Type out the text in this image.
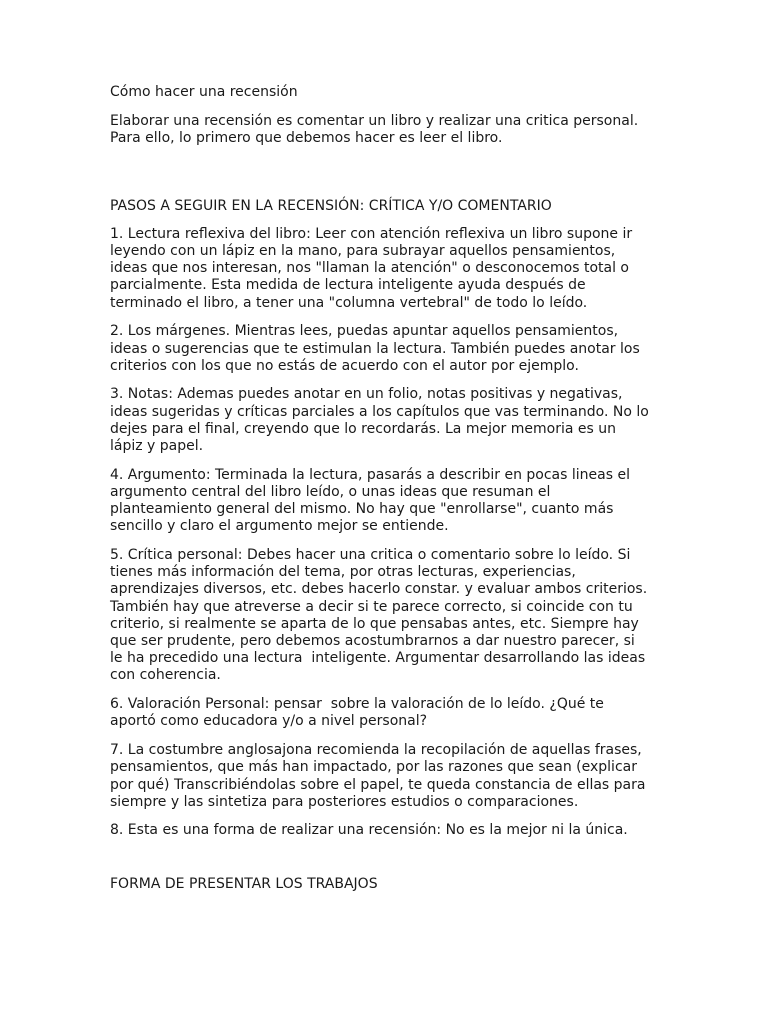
Cómo hacer una recensión

Elaborar una recensión es comentar un libro y realizar una critica personal.
Para ello, lo primero que debemos hacer es leer el libro.

PASOS A SEGUIR EN LA RECENSIÓN: CRÍTICA Y/O COMENTARIO

1. Lectura reflexiva del libro: Leer con atención reflexiva un libro supone ir
leyendo con un lápiz en la mano, para subrayar aquellos pensamientos,
ideas que nos interesan, nos "llaman la atención" o desconocemos total o
parcialmente. Esta medida de lectura inteligente ayuda después de
terminado el libro, a tener una "columna vertebral" de todo lo leído.

2. Los márgenes. Mientras lees, puedas apuntar aquellos pensamientos,
ideas o sugerencias que te estimulan la lectura. También puedes anotar los
criterios con los que no estás de acuerdo con el autor por ejemplo.

3. Notas: Ademas puedes anotar en un folio, notas positivas y negativas,
ideas sugeridas y críticas parciales a los capítulos que vas terminando. No lo
dejes para el final, creyendo que lo recordarás. La mejor memoria es un
lápiz y papel.

4. Argumento: Terminada la lectura, pasarás a describir en pocas lineas el
argumento central del libro leído, o unas ideas que resuman el
planteamiento general del mismo. No hay que "enrollarse", cuanto más
sencillo y claro el argumento mejor se entiende.

5. Crítica personal: Debes hacer una critica o comentario sobre lo leído. Si
tienes más información del tema, por otras lecturas, experiencias,
aprendizajes diversos, etc. debes hacerlo constar. y evaluar ambos criterios.
También hay que atreverse a decir si te parece correcto, si coincide con tu
criterio, si realmente se aparta de lo que pensabas antes, etc. Siempre hay
que ser prudente, pero debemos acostumbrarnos a dar nuestro parecer, si
le ha precedido una lectura  inteligente. Argumentar desarrollando las ideas
con coherencia.

6. Valoración Personal: pensar  sobre la valoración de lo leído. ¿Qué te
aportó como educadora y/o a nivel personal?

7. La costumbre anglosajona recomienda la recopilación de aquellas frases,
pensamientos, que más han impactado, por las razones que sean (explicar
por qué) Transcribiéndolas sobre el papel, te queda constancia de ellas para
siempre y las sintetiza para posteriores estudios o comparaciones.

8. Esta es una forma de realizar una recensión: No es la mejor ni la única.

FORMA DE PRESENTAR LOS TRABAJOS
